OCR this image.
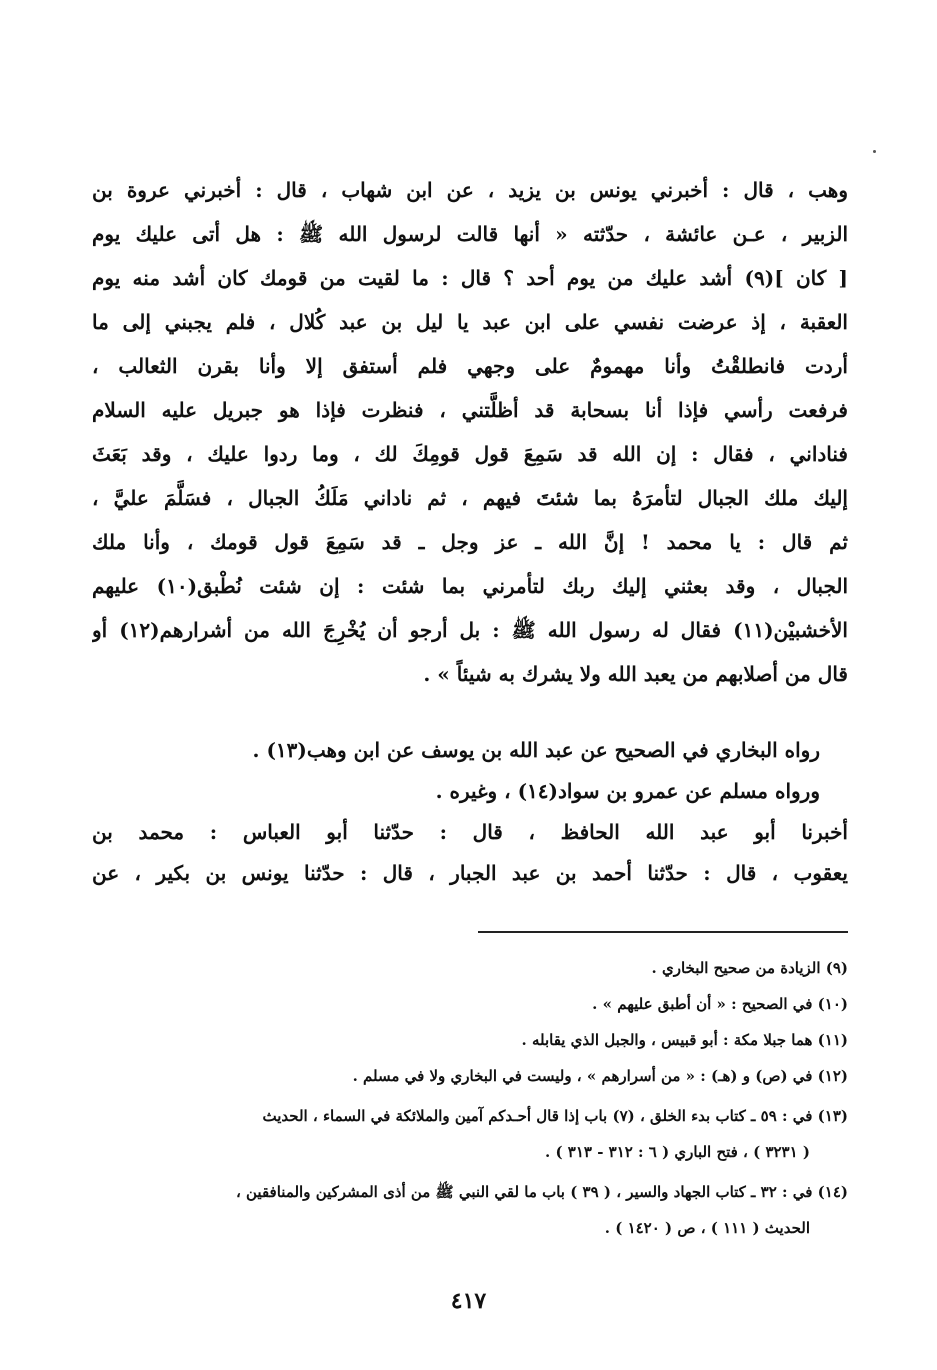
وهب ، قال : أخبرني يونس بن يزيد ، عن ابن شهاب ، قال : أخبرني عروة بن
الزبير ، عـن عائشة ، حدّثته « أنها قالت لرسول الله ﷺ : هل أتى عليك يوم
[ كان ](٩) أشد عليك من يوم أحد ؟ قال : ما لقيت من قومك كان أشد منه يوم
العقبة ، إذ عرضت نفسي على ابن عبد يا ليل بن عبد كُلال ، فلم يجبني إلى ما
أردت فانطلقْتُ وأنا مهمومٌ على وجهي فلم أستفق إلا وأنا بقرن الثعالب ،
فرفعت رأسي فإذا أنا بسحابة قد أظلَّتني ، فنظرت فإذا هو جبريل عليه السلام
فناداني ، فقال : إن الله قد سَمِعَ قول قومِكَ لك ، وما ردوا عليك ، وقد بَعَثَ
إليك ملك الجبال لتأمرَهُ بما شئتَ فيهم ، ثم ناداني مَلَكُ الجبال ، فسَلَّمَ عليَّ ،
ثم قال : يا محمد ! إنَّ الله ـ عز وجل ـ قد سَمِعَ قول قومك ، وأنا ملك
الجبال ، وقد بعثني إليك ربك لتأمرني بما شئت : إن شئت نُطْبق(١٠) عليهم
الأخشبيْن(١١) فقال له رسول الله ﷺ : بل أرجو أن يُخْرِجَ الله من أشرارهم(١٢) أو
قال من أصلابهم من يعبد الله ولا يشرك به شيئاً » .
رواه البخاري في الصحيح عن عبد الله بن يوسف عن ابن وهب(١٣) .
ورواه مسلم عن عمرو بن سواد(١٤) ، وغيره .
أخبرنا أبو عبد الله الحافظ ، قال : حدّثنا أبو العباس : محمد بن
يعقوب ، قال : حدّثنا أحمد بن عبد الجبار ، قال : حدّثنا يونس بن بكير ، عن
(٩) الزيادة من صحيح البخاري .
(١٠) في الصحيح : « أن أطبق عليهم » .
(١١) هما جبلا مكة : أبو قبيس ، والجبل الذي يقابله .
(١٢) في (ص) و (هـ) : « من أسرارهم » ، وليست في البخاري ولا في مسلم .
(١٣) في : ٥٩ ـ كتاب بدء الخلق ، (٧) باب إذا قال أحـدكم آمين والملائكة في السماء ، الحديث
( ٣٢٣١ ) ، فتح الباري ( ٦ : ٣١٢ - ٣١٣ ) .
(١٤) في : ٣٢ ـ كتاب الجهاد والسير ، ( ٣٩ ) باب ما لقي النبي ﷺ من أذى المشركين والمنافقين ،
الحديث ( ١١١ ) ، ص ( ١٤٢٠ ) .
٤١٧
